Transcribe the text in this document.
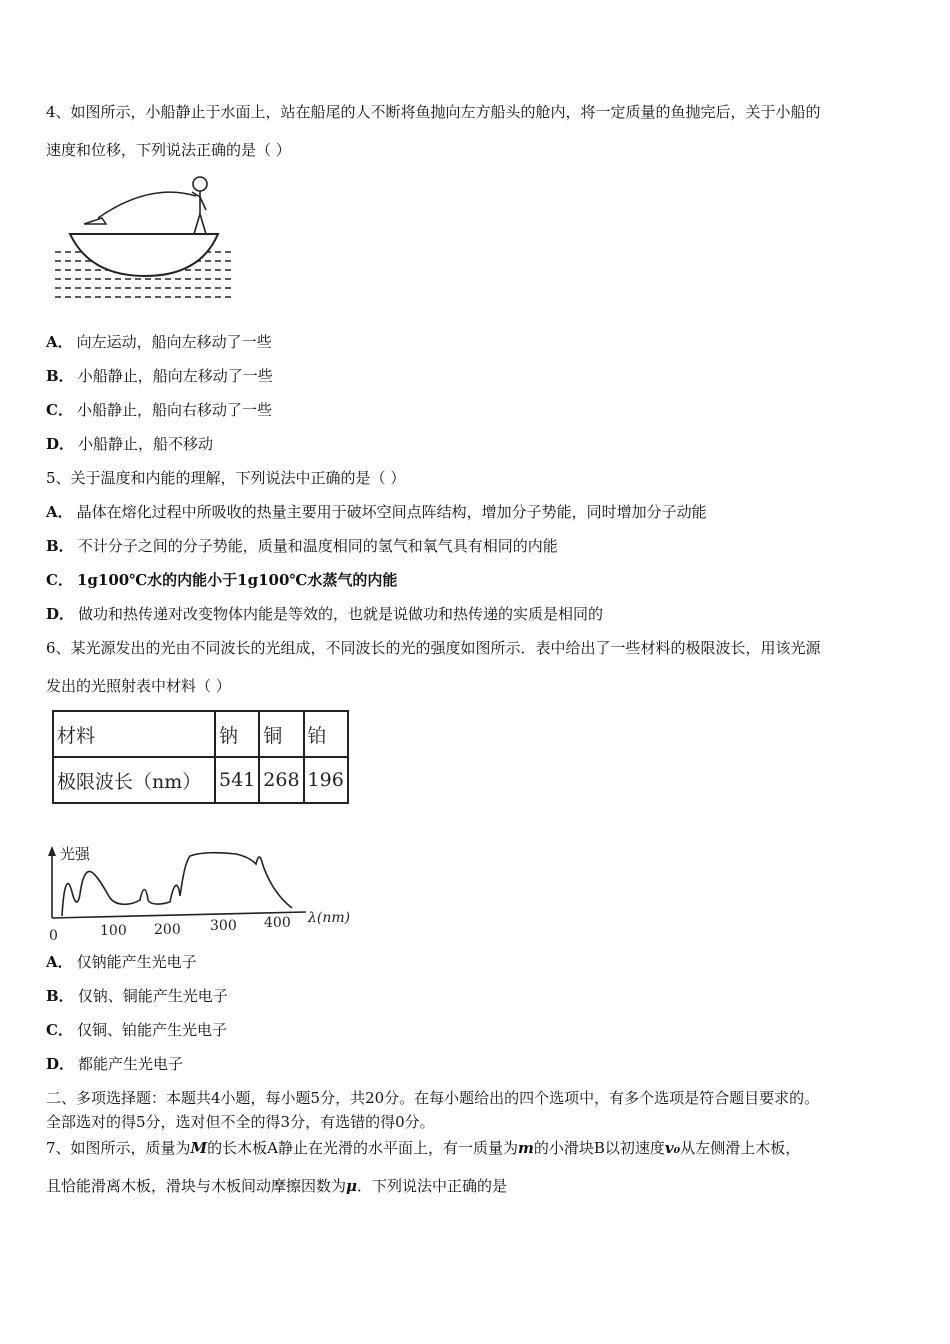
4、如图所示，小船静止于水面上，站在船尾的人不断将鱼抛向左方船头的舱内，将一定质量的鱼抛完后，关于小船的
速度和位移，下列说法正确的是（ ）
A． 向左运动，船向左移动了一些
B． 小船静止，船向左移动了一些
C． 小船静止，船向右移动了一些
D． 小船静止，船不移动
5、关于温度和内能的理解，下列说法中正确的是（ ）
A． 晶体在熔化过程中所吸收的热量主要用于破坏空间点阵结构，增加分子势能，同时增加分子动能
B． 不计分子之间的分子势能，质量和温度相同的氢气和氧气具有相同的内能
C． 1g100℃水的内能小于1g100℃水蒸气的内能
D． 做功和热传递对改变物体内能是等效的，也就是说做功和热传递的实质是相同的
6、某光源发出的光由不同波长的光组成，不同波长的光的强度如图所示．表中给出了一些材料的极限波长，用该光源
发出的光照射表中材料（ ）
材料	钠	铜	铂
极限波长（nm）	541	268	196
光强
λ(nm)
0	100 200 300 400
A． 仅钠能产生光电子
B． 仅钠、铜能产生光电子
C． 仅铜、铂能产生光电子
D． 都能产生光电子
二、多项选择题：本题共4小题，每小题5分，共20分。在每小题给出的四个选项中，有多个选项是符合题目要求的。
全部选对的得5分，选对但不全的得3分，有选错的得0分。
7、如图所示，质量为M的长木板A静止在光滑的水平面上，有一质量为m的小滑块B以初速度v₀从左侧滑上木板，
且恰能滑离木板，滑块与木板间动摩擦因数为μ．下列说法中正确的是
